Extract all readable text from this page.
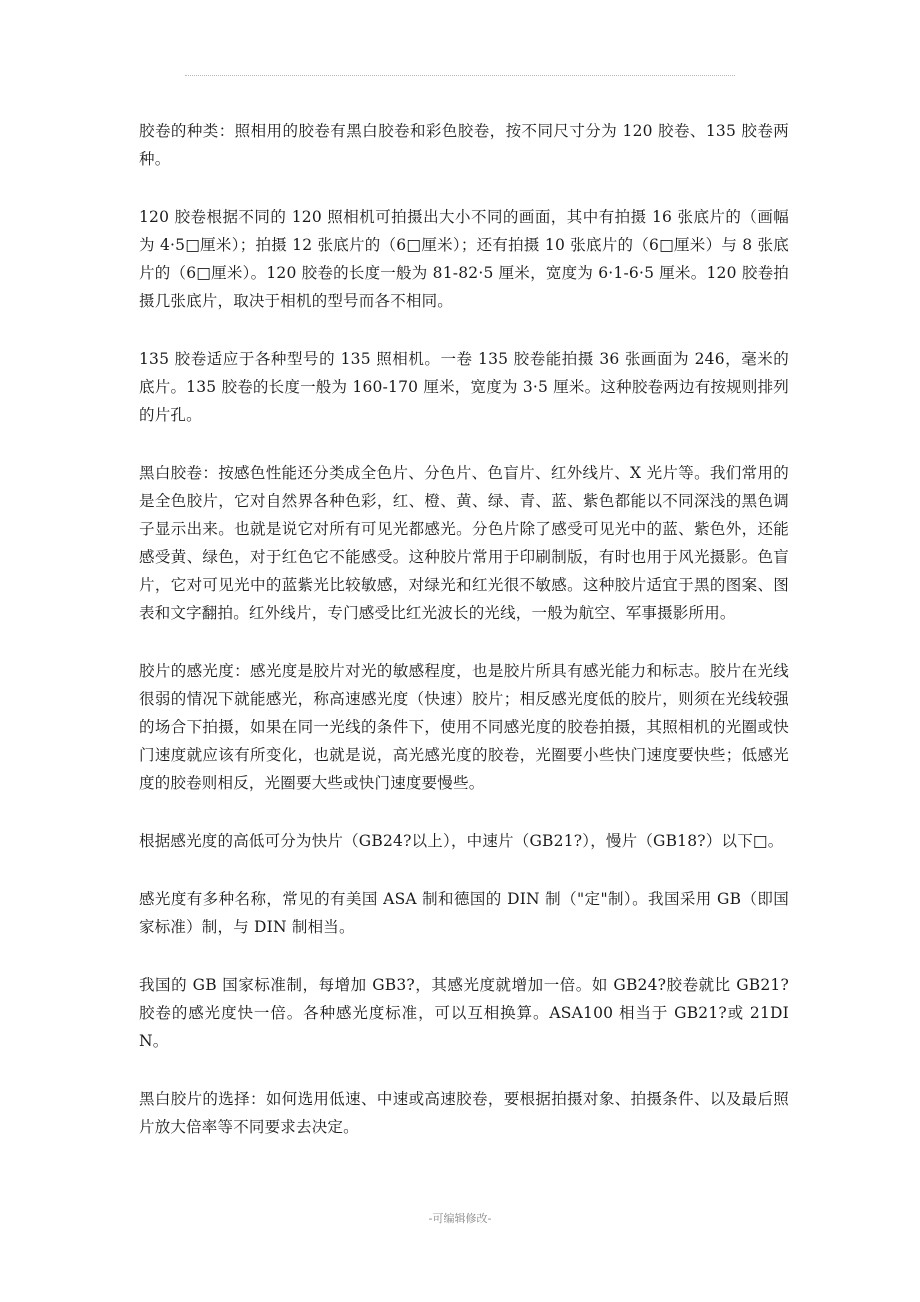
胶卷的种类：照相用的胶卷有黑白胶卷和彩色胶卷，按不同尺寸分为 120 胶卷、135 胶卷两种。

120 胶卷根据不同的 120 照相机可拍摄出大小不同的画面，其中有拍摄 16 张底片的（画幅为 4·5□厘米）；拍摄 12 张底片的（6□厘米）；还有拍摄 10 张底片的（6□厘米）与 8 张底片的（6□厘米）。120 胶卷的长度一般为 81-82·5 厘米，宽度为 6·1-6·5 厘米。120 胶卷拍摄几张底片，取决于相机的型号而各不相同。

135 胶卷适应于各种型号的 135 照相机。一卷 135 胶卷能拍摄 36 张画面为 246，毫米的底片。135 胶卷的长度一般为 160-170 厘米，宽度为 3·5 厘米。这种胶卷两边有按规则排列的片孔。

黑白胶卷：按感色性能还分类成全色片、分色片、色盲片、红外线片、X 光片等。我们常用的是全色胶片，它对自然界各种色彩，红、橙、黄、绿、青、蓝、紫色都能以不同深浅的黑色调子显示出来。也就是说它对所有可见光都感光。分色片除了感受可见光中的蓝、紫色外，还能感受黄、绿色，对于红色它不能感受。这种胶片常用于印刷制版，有时也用于风光摄影。色盲片，它对可见光中的蓝紫光比较敏感，对绿光和红光很不敏感。这种胶片适宜于黑的图案、图表和文字翻拍。红外线片，专门感受比红光波长的光线，一般为航空、军事摄影所用。

胶片的感光度：感光度是胶片对光的敏感程度，也是胶片所具有感光能力和标志。胶片在光线很弱的情况下就能感光，称高速感光度（快速）胶片；相反感光度低的胶片，则须在光线较强的场合下拍摄，如果在同一光线的条件下，使用不同感光度的胶卷拍摄，其照相机的光圈或快门速度就应该有所变化，也就是说，高光感光度的胶卷，光圈要小些快门速度要快些；低感光度的胶卷则相反，光圈要大些或快门速度要慢些。

根据感光度的高低可分为快片（GB24?以上），中速片（GB21?），慢片（GB18?）以下□。

感光度有多种名称，常见的有美国 ASA 制和德国的 DIN 制（"定"制）。我国采用 GB（即国家标准）制，与 DIN 制相当。

我国的 GB 国家标准制，每增加 GB3?，其感光度就增加一倍。如 GB24?胶卷就比 GB21?胶卷的感光度快一倍。各种感光度标准，可以互相换算。ASA100 相当于 GB21?或 21DIN。

黑白胶片的选择：如何选用低速、中速或高速胶卷，要根据拍摄对象、拍摄条件、以及最后照片放大倍率等不同要求去决定。

-可编辑修改-
